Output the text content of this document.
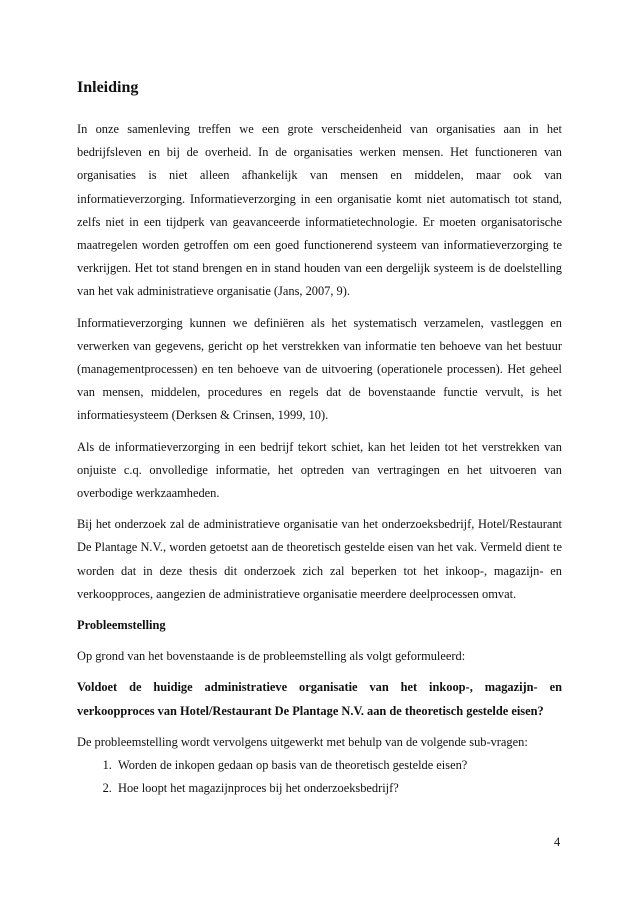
Inleiding

In onze samenleving treffen we een grote verscheidenheid van organisaties aan in het bedrijfsleven en bij de overheid. In de organisaties werken mensen. Het functioneren van organisaties is niet alleen afhankelijk van mensen en middelen, maar ook van informatieverzorging. Informatieverzorging in een organisatie komt niet automatisch tot stand, zelfs niet in een tijdperk van geavanceerde informatietechnologie. Er moeten organisatorische maatregelen worden getroffen om een goed functionerend systeem van informatieverzorging te verkrijgen. Het tot stand brengen en in stand houden van een dergelijk systeem is de doelstelling van het vak administratieve organisatie (Jans, 2007, 9).

Informatieverzorging kunnen we definiëren als het systematisch verzamelen, vastleggen en verwerken van gegevens, gericht op het verstrekken van informatie ten behoeve van het bestuur (managementprocessen) en ten behoeve van de uitvoering (operationele processen). Het geheel van mensen, middelen, procedures en regels dat de bovenstaande functie vervult, is het informatiesysteem (Derksen & Crinsen, 1999, 10).

Als de informatieverzorging in een bedrijf tekort schiet, kan het leiden tot het verstrekken van onjuiste c.q. onvolledige informatie, het optreden van vertragingen en het uitvoeren van overbodige werkzaamheden.

Bij het onderzoek zal de administratieve organisatie van het onderzoeksbedrijf, Hotel/Restaurant De Plantage N.V., worden getoetst aan de theoretisch gestelde eisen van het vak. Vermeld dient te worden dat in deze thesis dit onderzoek zich zal beperken tot het inkoop-, magazijn- en verkoopproces, aangezien de administratieve organisatie meerdere deelprocessen omvat.

Probleemstelling

Op grond van het bovenstaande is de probleemstelling als volgt geformuleerd:

Voldoet de huidige administratieve organisatie van het inkoop-, magazijn- en verkoopproces van Hotel/Restaurant De Plantage N.V. aan de theoretisch gestelde eisen?

De probleemstelling wordt vervolgens uitgewerkt met behulp van de volgende sub-vragen:

1. Worden de inkopen gedaan op basis van de theoretisch gestelde eisen?
2. Hoe loopt het magazijnproces bij het onderzoeksbedrijf?
4
